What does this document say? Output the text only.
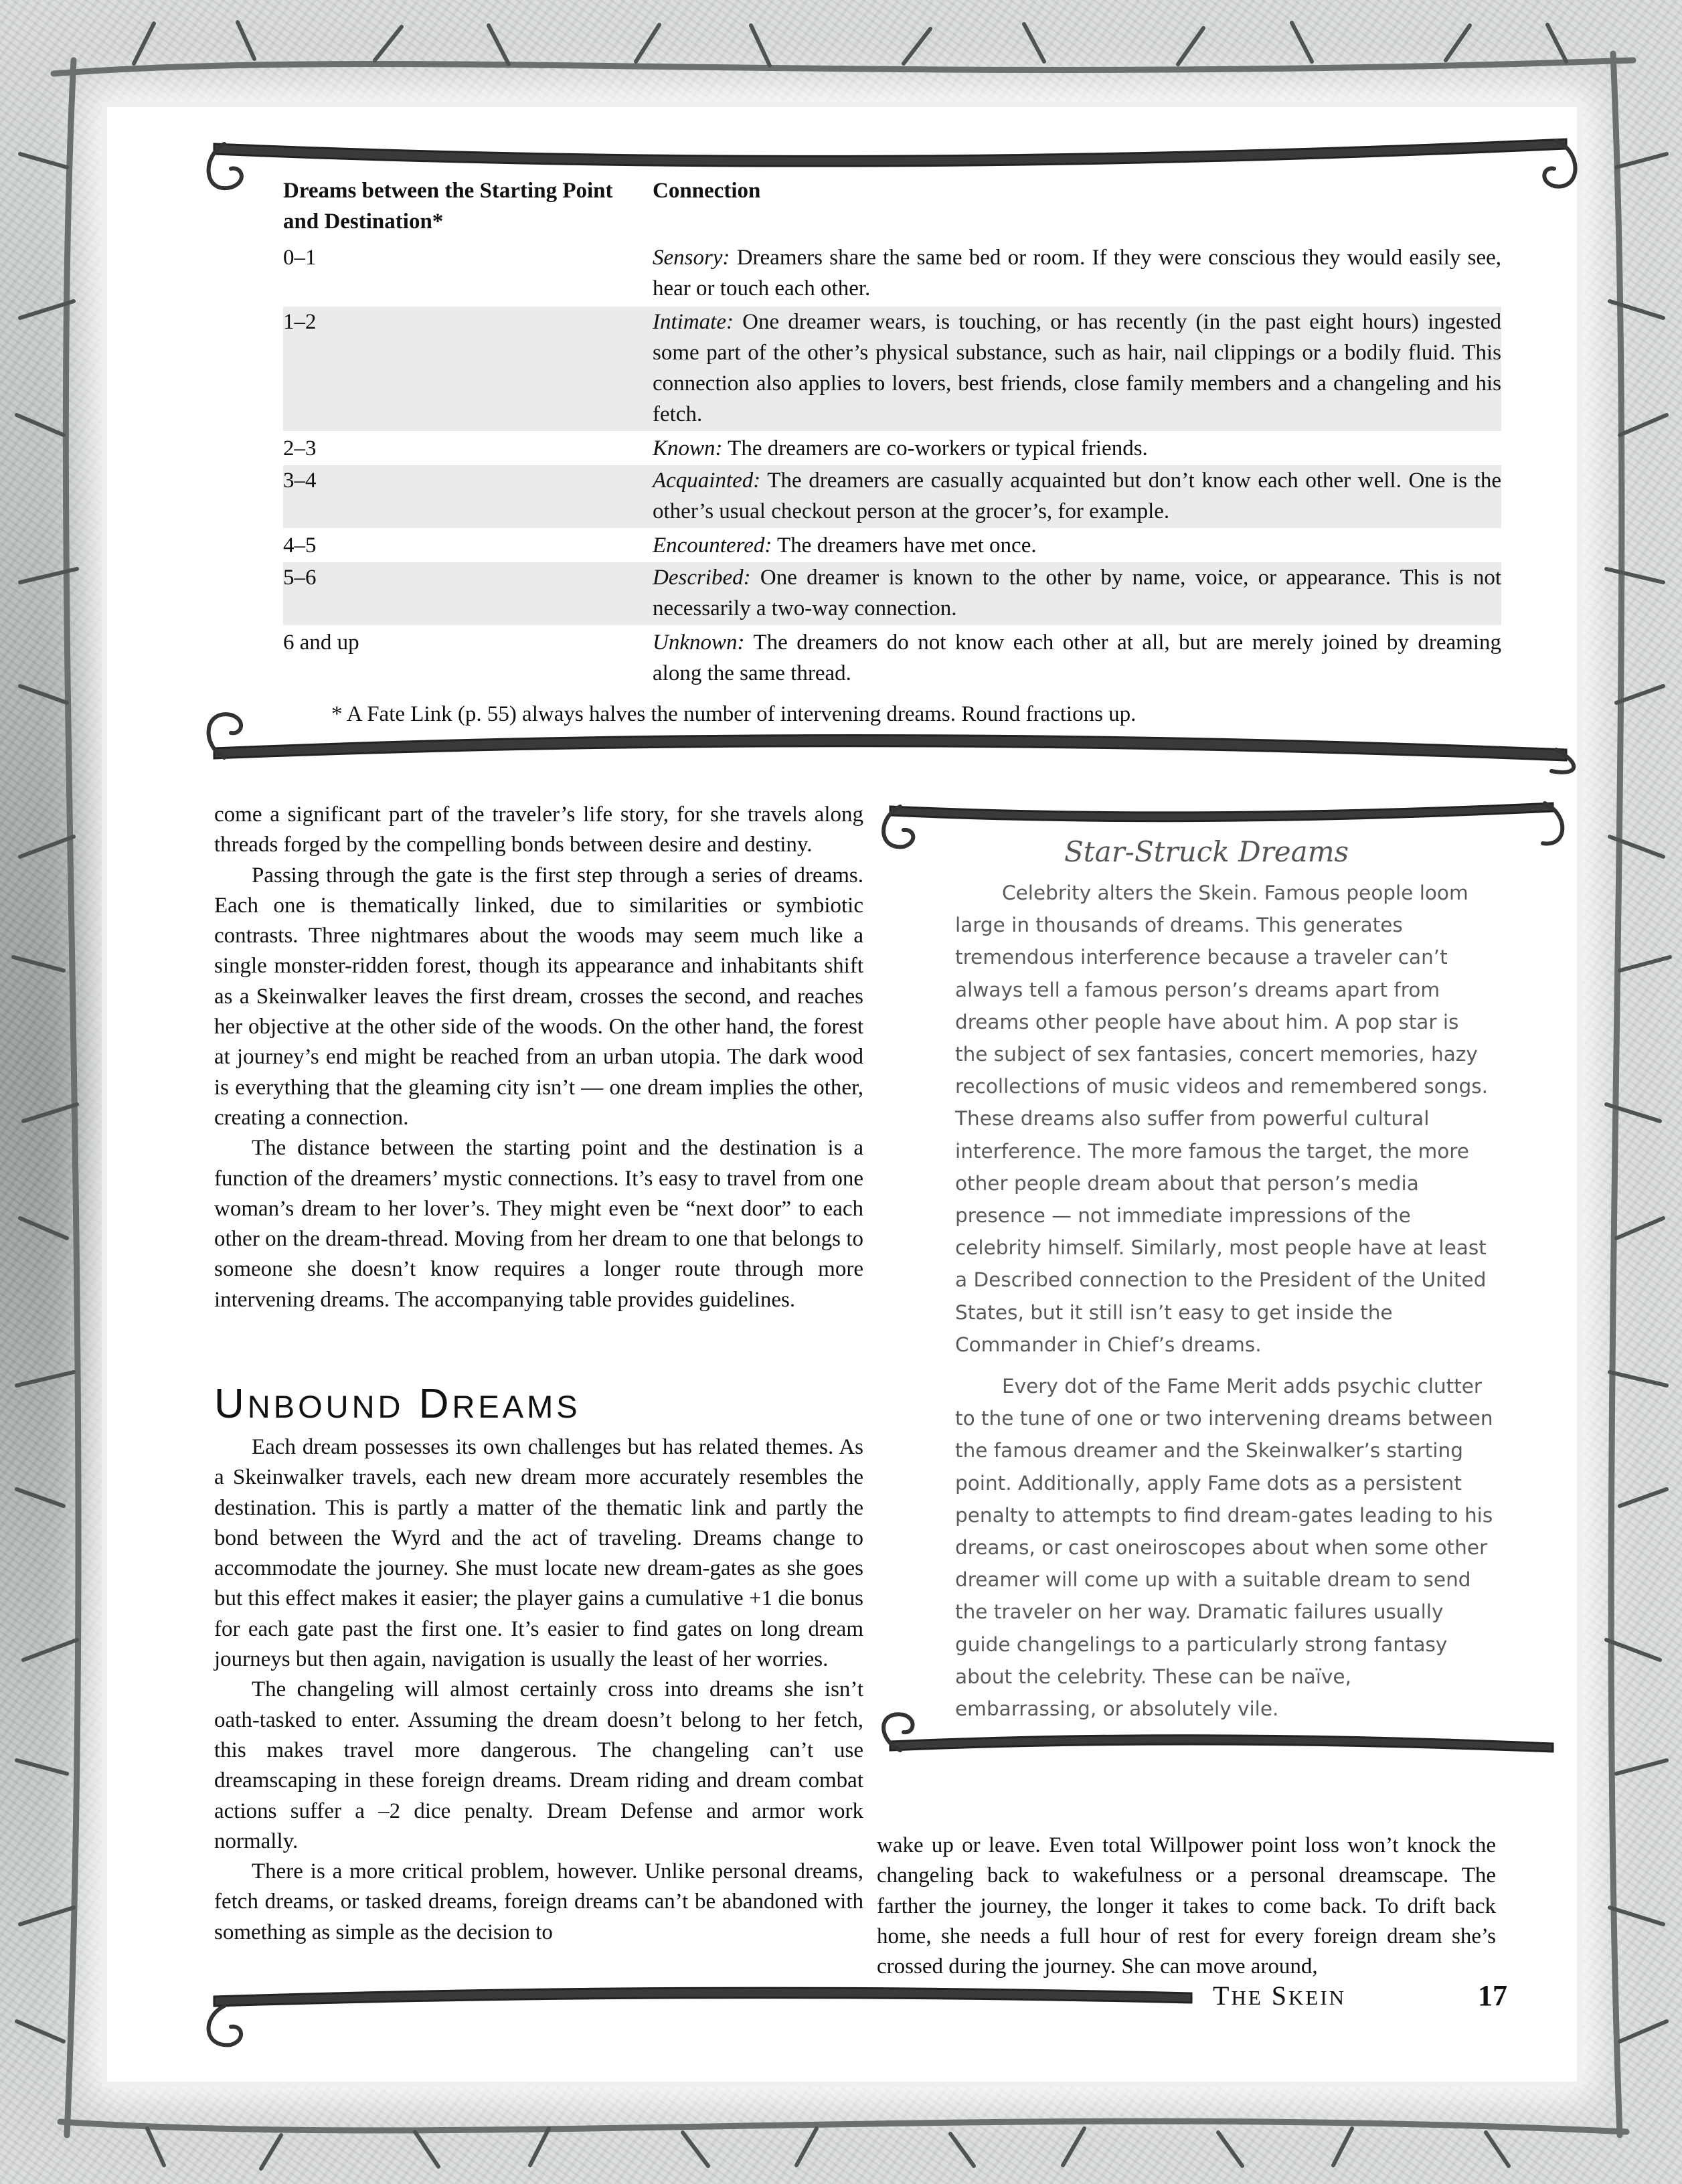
Dreams between the Starting Point and Destination*
Connection
0–1	Sensory: Dreamers share the same bed or room. If they were conscious they would easily see, hear or touch each other.
1–2	Intimate: One dreamer wears, is touching, or has recently (in the past eight hours) ingested some part of the other’s physical substance, such as hair, nail clippings or a bodily fluid. This connection also applies to lovers, best friends, close family members and a changeling and his fetch.
2–3	Known: The dreamers are co-workers or typical friends.
3–4	Acquainted: The dreamers are casually acquainted but don’t know each other well. One is the other’s usual checkout person at the grocer’s, for example.
4–5	Encountered: The dreamers have met once.
5–6	Described: One dreamer is known to the other by name, voice, or appearance. This is not necessarily a two-way connection.
6 and up	Unknown: The dreamers do not know each other at all, but are merely joined by dreaming along the same thread.
* A Fate Link (p. 55) always halves the number of intervening dreams. Round fractions up.

come a significant part of the traveler’s life story, for she travels along threads forged by the compelling bonds between desire and destiny.

Passing through the gate is the first step through a series of dreams. Each one is thematically linked, due to similarities or symbiotic contrasts. Three nightmares about the woods may seem much like a single monster-ridden forest, though its appearance and inhabitants shift as a Skeinwalker leaves the first dream, crosses the second, and reaches her objective at the other side of the woods. On the other hand, the forest at journey’s end might be reached from an urban utopia. The dark wood is everything that the gleaming city isn’t — one dream implies the other, creating a connection.

The distance between the starting point and the destination is a function of the dreamers’ mystic connections. It’s easy to travel from one woman’s dream to her lover’s. They might even be “next door” to each other on the dream-thread. Moving from her dream to one that belongs to someone she doesn’t know requires a longer route through more intervening dreams. The accompanying table provides guidelines.

UNBOUND DREAMS

Each dream possesses its own challenges but has related themes. As a Skeinwalker travels, each new dream more accurately resembles the destination. This is partly a matter of the thematic link and partly the bond between the Wyrd and the act of traveling. Dreams change to accommodate the journey. She must locate new dream-gates as she goes but this effect makes it easier; the player gains a cumulative +1 die bonus for each gate past the first one. It’s easier to find gates on long dream journeys but then again, navigation is usually the least of her worries.

The changeling will almost certainly cross into dreams she isn’t oath-tasked to enter. Assuming the dream doesn’t belong to her fetch, this makes travel more dangerous. The changeling can’t use dreamscaping in these foreign dreams. Dream riding and dream combat actions suffer a –2 dice penalty. Dream Defense and armor work normally.

There is a more critical problem, however. Unlike personal dreams, fetch dreams, or tasked dreams, foreign dreams can’t be abandoned with something as simple as the decision to

Star-Struck Dreams

Celebrity alters the Skein. Famous people loom large in thousands of dreams. This generates tremendous interference because a traveler can’t always tell a famous person’s dreams apart from dreams other people have about him. A pop star is the subject of sex fantasies, concert memories, hazy recollections of music videos and remembered songs. These dreams also suffer from powerful cultural interference. The more famous the target, the more other people dream about that person’s media presence — not immediate impressions of the celebrity himself. Similarly, most people have at least a Described connection to the President of the United States, but it still isn’t easy to get inside the Commander in Chief’s dreams.

Every dot of the Fame Merit adds psychic clutter to the tune of one or two intervening dreams between the famous dreamer and the Skeinwalker’s starting point. Additionally, apply Fame dots as a persistent penalty to attempts to find dream-gates leading to his dreams, or cast oneiroscopes about when some other dreamer will come up with a suitable dream to send the traveler on her way. Dramatic failures usually guide changelings to a particularly strong fantasy about the celebrity. These can be naïve, embarrassing, or absolutely vile.

wake up or leave. Even total Willpower point loss won’t knock the changeling back to wakefulness or a personal dreamscape. The farther the journey, the longer it takes to come back. To drift back home, she needs a full hour of rest for every foreign dream she’s crossed during the journey. She can move around,

THE SKEIN	17
